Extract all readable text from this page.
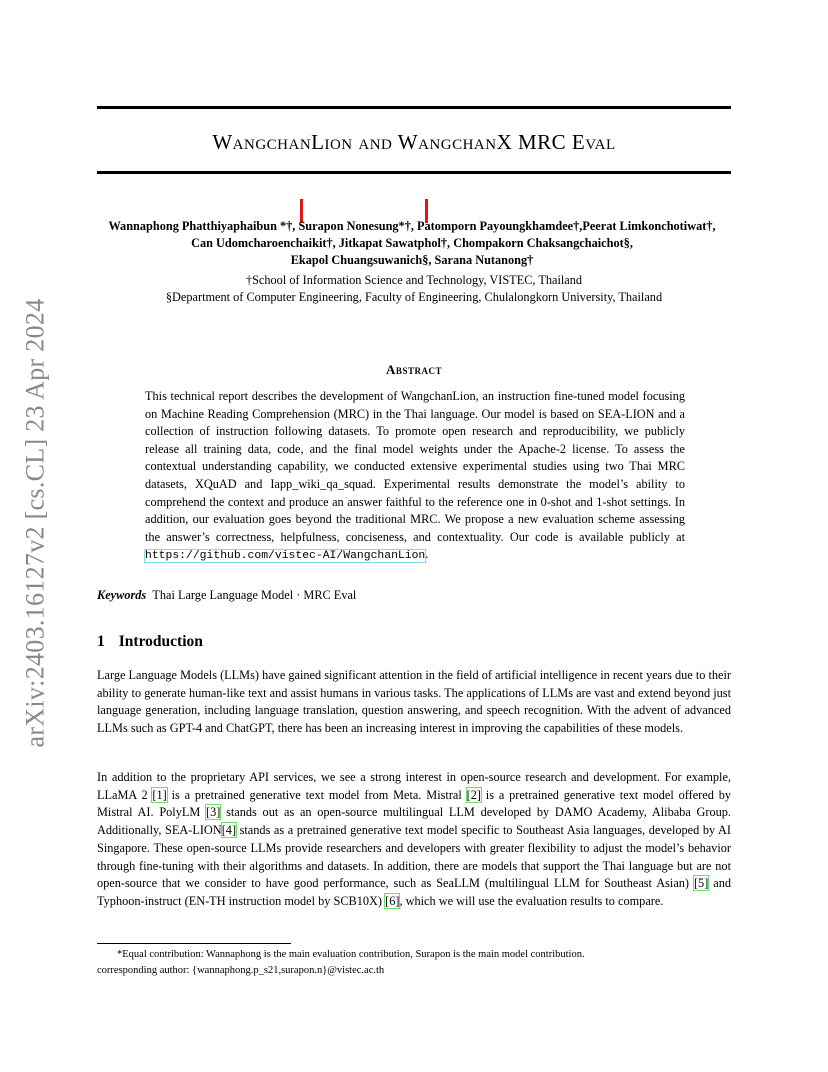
arXiv:2403.16127v2 [cs.CL] 23 Apr 2024
WangchanLion and WangchanX MRC Eval
Wannaphong Phatthiyaphaibun *†, Surapon Nonesung*†, Patomporn Payoungkhamdee†,Peerat Limkonchotiwat†,
Can Udomcharoenchaikit†, Jitkapat Sawatphol†, Chompakorn Chaksangchaichot§,
Ekapol Chuangsuwanich§, Sarana Nutanong†
†School of Information Science and Technology, VISTEC, Thailand
§Department of Computer Engineering, Faculty of Engineering, Chulalongkorn University, Thailand
Abstract
This technical report describes the development of WangchanLion, an instruction fine-tuned model focusing on Machine Reading Comprehension (MRC) in the Thai language. Our model is based on SEA-LION and a collection of instruction following datasets. To promote open research and reproducibility, we publicly release all training data, code, and the final model weights under the Apache-2 license. To assess the contextual understanding capability, we conducted extensive experimental studies using two Thai MRC datasets, XQuAD and Iapp_wiki_qa_squad. Experimental results demonstrate the model’s ability to comprehend the context and produce an answer faithful to the reference one in 0-shot and 1-shot settings. In addition, our evaluation goes beyond the traditional MRC. We propose a new evaluation scheme assessing the answer’s correctness, helpfulness, conciseness, and contextuality. Our code is available publicly at https://github.com/vistec-AI/WangchanLion.
Keywords Thai Large Language Model · MRC Eval
1 Introduction

Large Language Models (LLMs) have gained significant attention in the field of artificial intelligence in recent years due to their ability to generate human-like text and assist humans in various tasks. The applications of LLMs are vast and extend beyond just language generation, including language translation, question answering, and speech recognition. With the advent of advanced LLMs such as GPT-4 and ChatGPT, there has been an increasing interest in improving the capabilities of these models.

In addition to the proprietary API services, we see a strong interest in open-source research and development. For example, LLaMA 2 [1] is a pretrained generative text model from Meta. Mistral [2] is a pretrained generative text model offered by Mistral AI. PolyLM [3] stands out as an open-source multilingual LLM developed by DAMO Academy, Alibaba Group. Additionally, SEA-LION[4] stands as a pretrained generative text model specific to Southeast Asia languages, developed by AI Singapore. These open-source LLMs provide researchers and developers with greater flexibility to adjust the model’s behavior through fine-tuning with their algorithms and datasets. In addition, there are models that support the Thai language but are not open-source that we consider to have good performance, such as SeaLLM (multilingual LLM for Southeast Asian) [5] and Typhoon-instruct (EN-TH instruction model by SCB10X) [6], which we will use the evaluation results to compare.

*Equal contribution: Wannaphong is the main evaluation contribution, Surapon is the main model contribution.
corresponding author: {wannaphong.p_s21,surapon.n}@vistec.ac.th
